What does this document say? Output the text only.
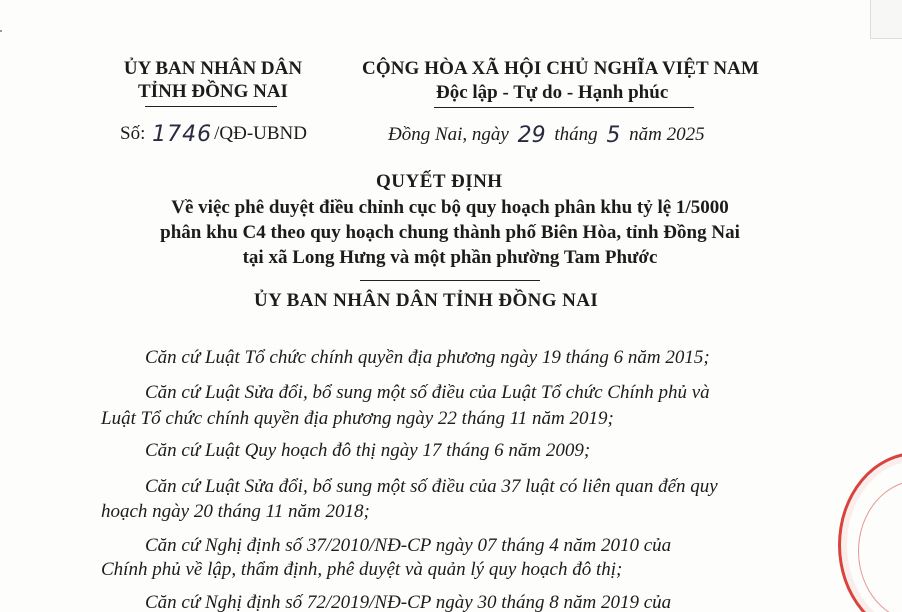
ỦY BAN NHÂN DÂN
TỈNH ĐỒNG NAI
CỘNG HÒA XÃ HỘI CHỦ NGHĨA VIỆT NAM
Độc lập - Tự do - Hạnh phúc
Số: 1746 /QĐ-UBND	Đồng Nai, ngày 29 tháng 5 năm 2025
QUYẾT ĐỊNH
Về việc phê duyệt điều chỉnh cục bộ quy hoạch phân khu tỷ lệ 1/5000
phân khu C4 theo quy hoạch chung thành phố Biên Hòa, tỉnh Đồng Nai
tại xã Long Hưng và một phần phường Tam Phước
ỦY BAN NHÂN DÂN TỈNH ĐỒNG NAI
Căn cứ Luật Tổ chức chính quyền địa phương ngày 19 tháng 6 năm 2015;
Căn cứ Luật Sửa đổi, bổ sung một số điều của Luật Tổ chức Chính phủ và
Luật Tổ chức chính quyền địa phương ngày 22 tháng 11 năm 2019;
Căn cứ Luật Quy hoạch đô thị ngày 17 tháng 6 năm 2009;
Căn cứ Luật Sửa đổi, bổ sung một số điều của 37 luật có liên quan đến quy
hoạch ngày 20 tháng 11 năm 2018;
Căn cứ Nghị định số 37/2010/NĐ-CP ngày 07 tháng 4 năm 2010 của
Chính phủ về lập, thẩm định, phê duyệt và quản lý quy hoạch đô thị;
Căn cứ Nghị định số 72/2019/NĐ-CP ngày 30 tháng 8 năm 2019 của
